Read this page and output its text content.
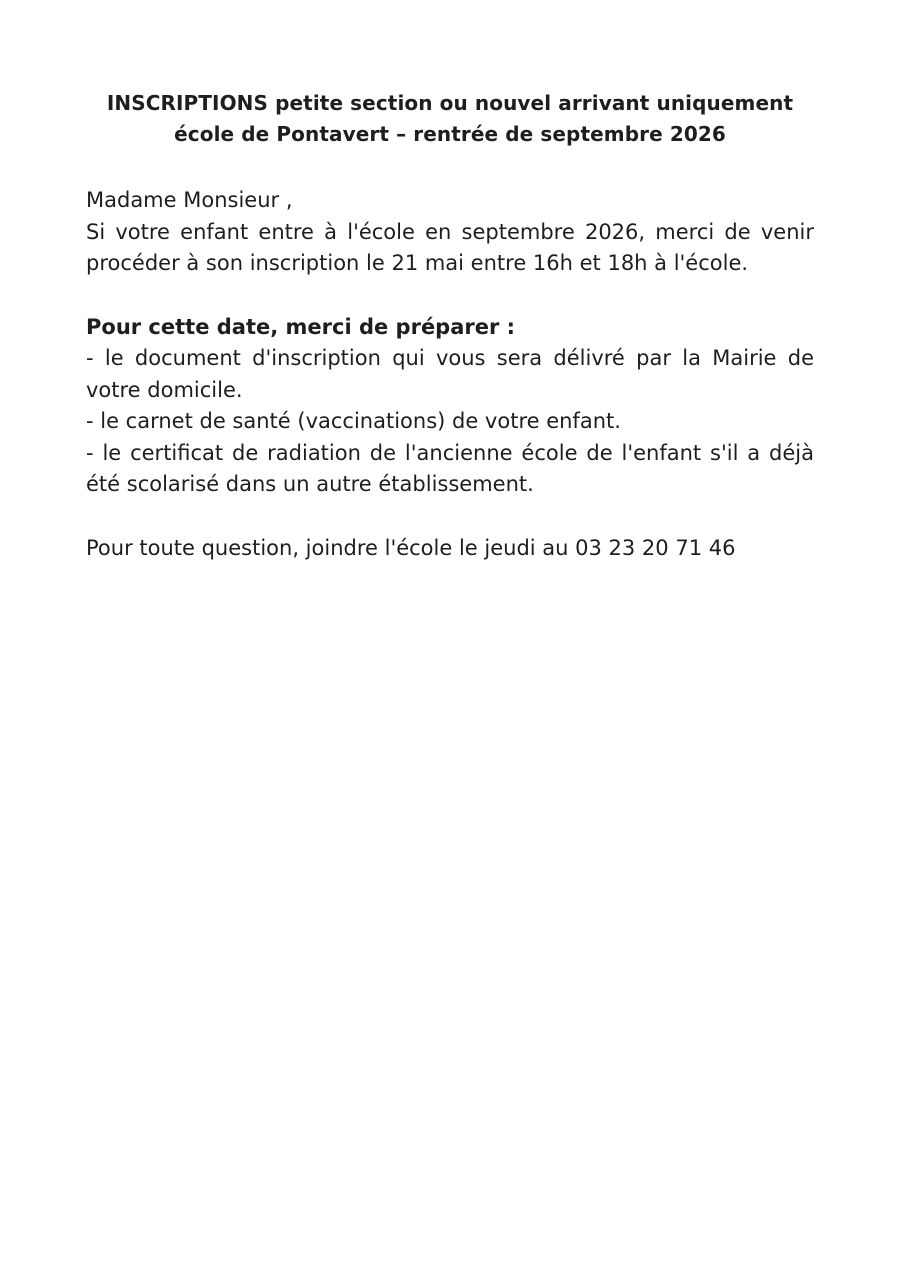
INSCRIPTIONS petite section ou nouvel arrivant uniquement
école de Pontavert – rentrée de septembre 2026

Madame Monsieur ,

Si votre enfant entre à l'école en septembre 2026, merci de venir procéder à son inscription le 21 mai entre 16h et 18h à l'école.

Pour cette date, merci de préparer :

- le document d'inscription qui vous sera délivré par la Mairie de votre domicile.

- le carnet de santé (vaccinations) de votre enfant.

- le certificat de radiation de l'ancienne école de l'enfant s'il a déjà été scolarisé dans un autre établissement.

Pour toute question, joindre l'école le jeudi au 03 23 20 71 46
